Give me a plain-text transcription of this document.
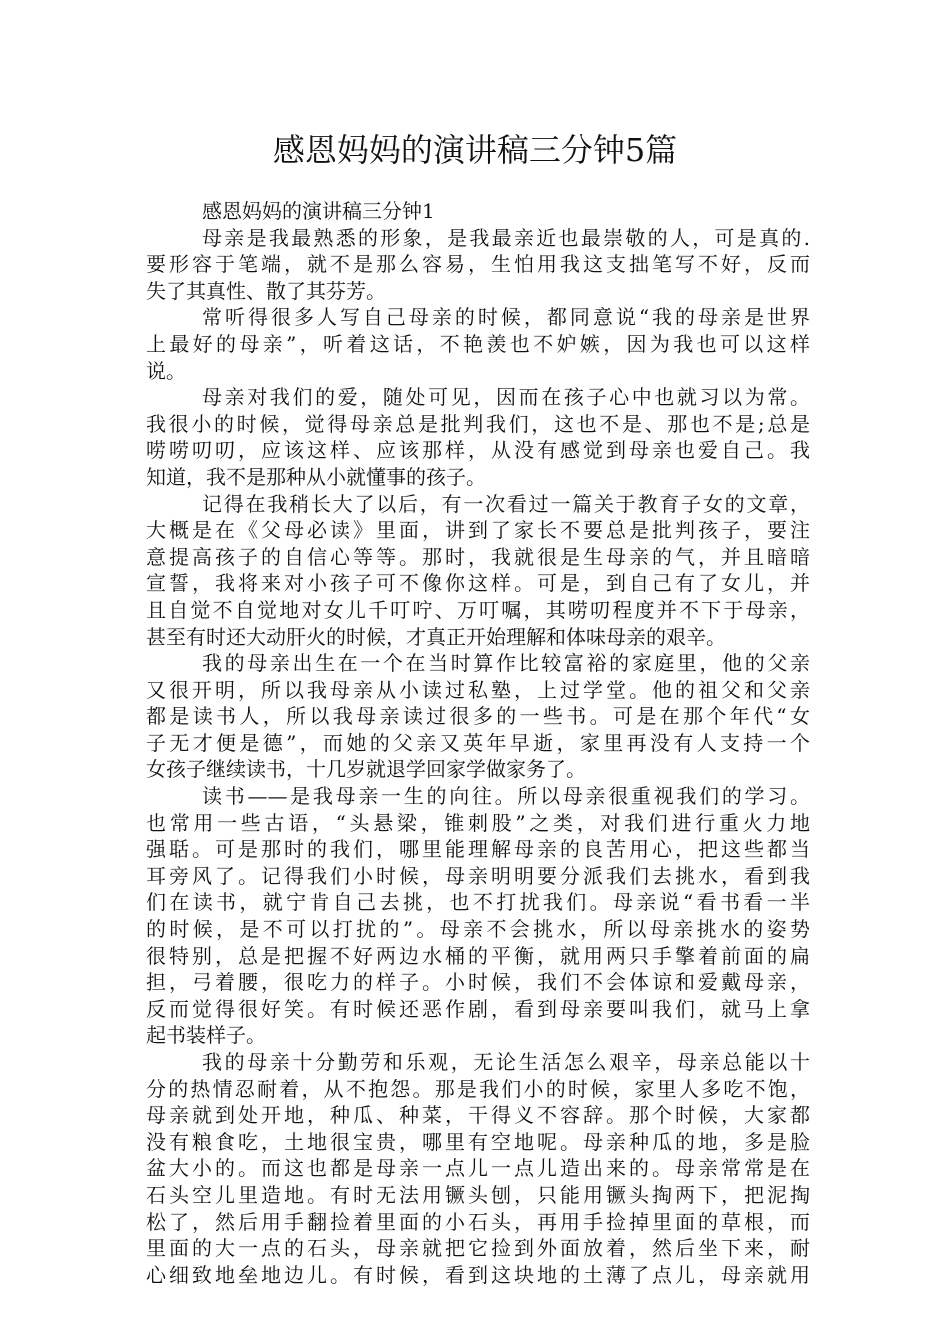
感恩妈妈的演讲稿三分钟5篇
感恩妈妈的演讲稿三分钟1
母亲是我最熟悉的形象，是我最亲近也最崇敬的人，可是真的.
要形容于笔端，就不是那么容易，生怕用我这支拙笔写不好，反而
失了其真性、散了其芬芳。
常听得很多人写自己母亲的时候，都同意说“我的母亲是世界
上最好的母亲”，听着这话，不艳羡也不妒嫉，因为我也可以这样
说。
母亲对我们的爱，随处可见，因而在孩子心中也就习以为常。
我很小的时候，觉得母亲总是批判我们，这也不是、那也不是;总是
唠唠叨叨，应该这样、应该那样，从没有感觉到母亲也爱自己。我
知道，我不是那种从小就懂事的孩子。
记得在我稍长大了以后，有一次看过一篇关于教育子女的文章，
大概是在《父母必读》里面，讲到了家长不要总是批判孩子，要注
意提高孩子的自信心等等。那时，我就很是生母亲的气，并且暗暗
宣誓，我将来对小孩子可不像你这样。可是，到自己有了女儿，并
且自觉不自觉地对女儿千叮咛、万叮嘱，其唠叨程度并不下于母亲，
甚至有时还大动肝火的时候，才真正开始理解和体味母亲的艰辛。
我的母亲出生在一个在当时算作比较富裕的家庭里，他的父亲
又很开明，所以我母亲从小读过私塾，上过学堂。他的祖父和父亲
都是读书人，所以我母亲读过很多的一些书。可是在那个年代“女
子无才便是德”，而她的父亲又英年早逝，家里再没有人支持一个
女孩子继续读书，十几岁就退学回家学做家务了。
读书——是我母亲一生的向往。所以母亲很重视我们的学习。
也常用一些古语，“头悬梁，锥刺股”之类，对我们进行重火力地
强聒。可是那时的我们，哪里能理解母亲的良苦用心，把这些都当
耳旁风了。记得我们小时候，母亲明明要分派我们去挑水，看到我
们在读书，就宁肯自己去挑，也不打扰我们。母亲说“看书看一半
的时候，是不可以打扰的”。母亲不会挑水，所以母亲挑水的姿势
很特别，总是把握不好两边水桶的平衡，就用两只手擎着前面的扁
担，弓着腰，很吃力的样子。小时候，我们不会体谅和爱戴母亲，
反而觉得很好笑。有时候还恶作剧，看到母亲要叫我们，就马上拿
起书装样子。
我的母亲十分勤劳和乐观，无论生活怎么艰辛，母亲总能以十
分的热情忍耐着，从不抱怨。那是我们小的时候，家里人多吃不饱，
母亲就到处开地，种瓜、种菜，干得义不容辞。那个时候，大家都
没有粮食吃，土地很宝贵，哪里有空地呢。母亲种瓜的地，多是脸
盆大小的。而这也都是母亲一点儿一点儿造出来的。母亲常常是在
石头空儿里造地。有时无法用镢头刨，只能用镢头掏两下，把泥掏
松了，然后用手翻捡着里面的小石头，再用手捡掉里面的草根，而
里面的大一点的石头，母亲就把它捡到外面放着，然后坐下来，耐
心细致地垒地边儿。有时候，看到这块地的土薄了点儿，母亲就用
